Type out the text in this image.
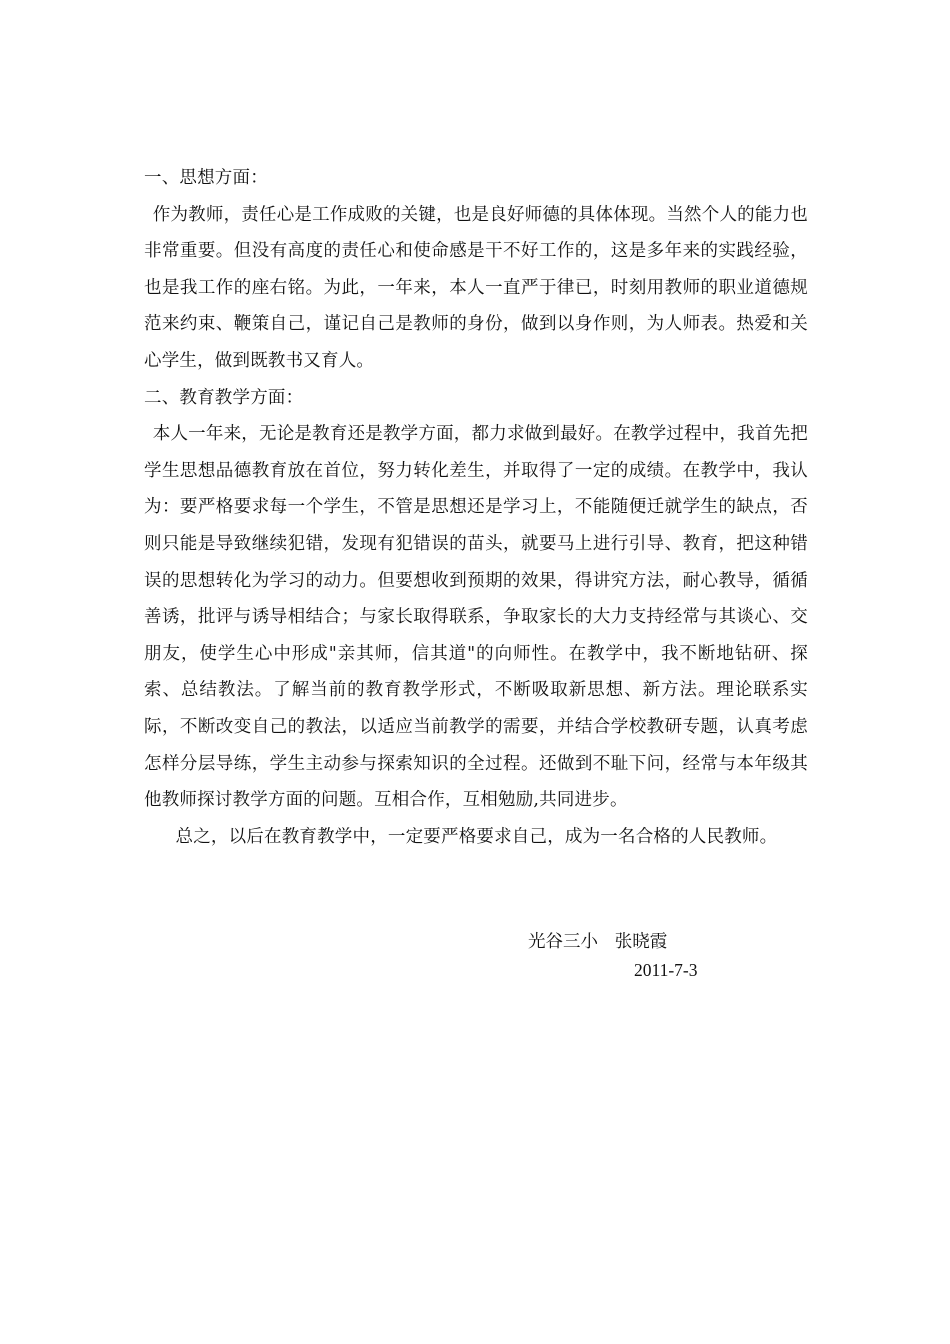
一、思想方面：

作为教师，责任心是工作成败的关键，也是良好师德的具体体现。当然个人的能力也非常重要。但没有高度的责任心和使命感是干不好工作的，这是多年来的实践经验，也是我工作的座右铭。为此，一年来，本人一直严于律已，时刻用教师的职业道德规范来约束、鞭策自己，谨记自己是教师的身份，做到以身作则，为人师表。热爱和关心学生，做到既教书又育人。

二、教育教学方面：

本人一年来，无论是教育还是教学方面，都力求做到最好。在教学过程中，我首先把学生思想品德教育放在首位，努力转化差生，并取得了一定的成绩。在教学中，我认为：要严格要求每一个学生，不管是思想还是学习上，不能随便迁就学生的缺点，否则只能是导致继续犯错，发现有犯错误的苗头，就要马上进行引导、教育，把这种错误的思想转化为学习的动力。但要想收到预期的效果，得讲究方法，耐心教导，循循善诱，批评与诱导相结合；与家长取得联系，争取家长的大力支持经常与其谈心、交朋友，使学生心中形成"亲其师，信其道"的向师性。在教学中，我不断地钻研、探索、总结教法。了解当前的教育教学形式，不断吸取新思想、新方法。理论联系实际，不断改变自己的教法，以适应当前教学的需要，并结合学校教研专题，认真考虑怎样分层导练，学生主动参与探索知识的全过程。还做到不耻下问，经常与本年级其他教师探讨教学方面的问题。互相合作，互相勉励,共同进步。

总之，以后在教育教学中，一定要严格要求自己，成为一名合格的人民教师。

光谷三小   张晓霞
2011-7-3
